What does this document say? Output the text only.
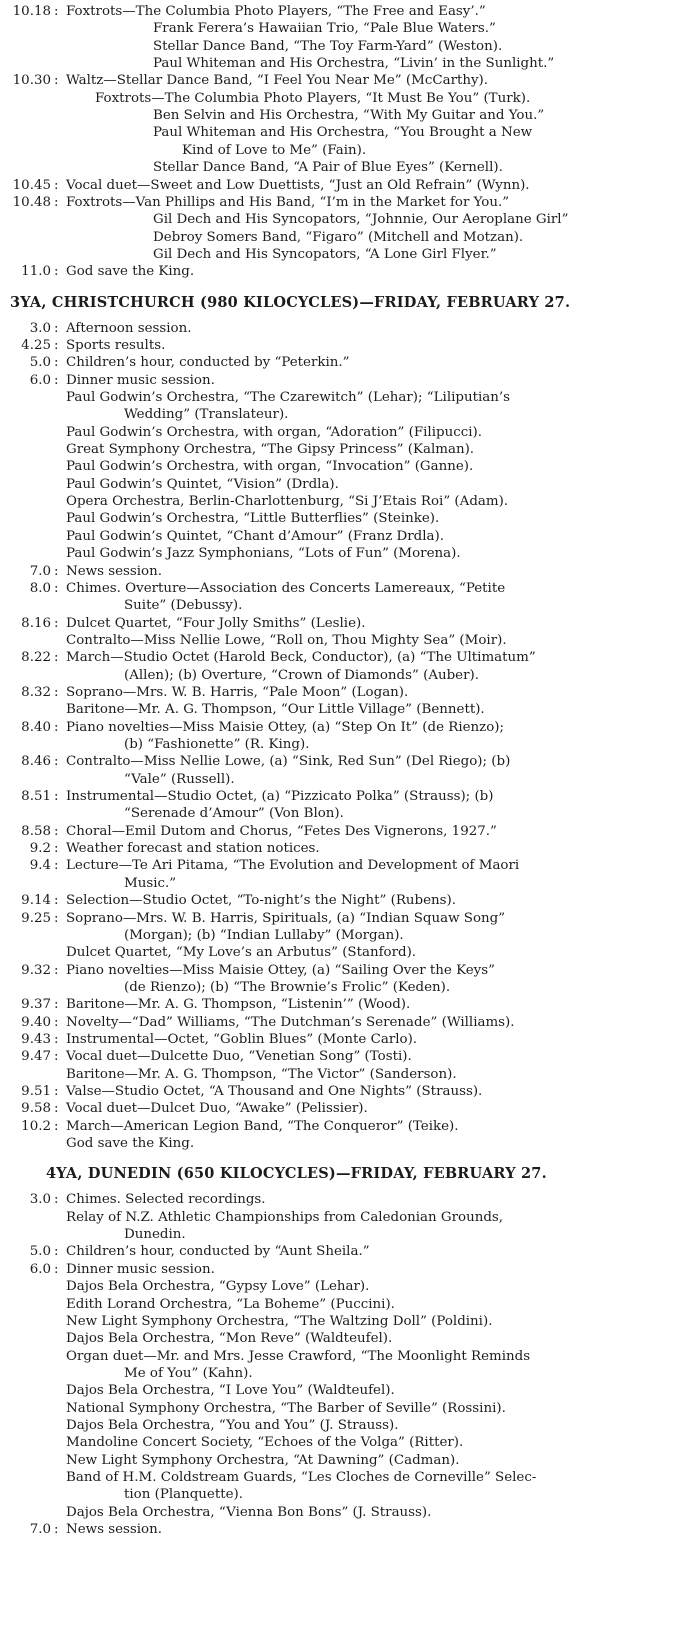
10.18 : Foxtrots—The Columbia Photo Players, “The Free and Easy’.”
Frank Ferera’s Hawaiian Trio, “Pale Blue Waters.”
Stellar Dance Band, “The Toy Farm-Yard” (Weston).
Paul Whiteman and His Orchestra, “Livin’ in the Sunlight.”
10.30 : Waltz—Stellar Dance Band, “I Feel You Near Me” (McCarthy).
Foxtrots—The Columbia Photo Players, “It Must Be You” (Turk).
Ben Selvin and His Orchestra, “With My Guitar and You.”
Paul Whiteman and His Orchestra, “You Brought a New
Kind of Love to Me” (Fain).
Stellar Dance Band, “A Pair of Blue Eyes” (Kernell).
10.45 : Vocal duet—Sweet and Low Duettists, “Just an Old Refrain” (Wynn).
10.48 : Foxtrots—Van Phillips and His Band, “I’m in the Market for You.”
Gil Dech and His Syncopators, “Johnnie, Our Aeroplane Girl”
Debroy Somers Band, “Figaro” (Mitchell and Motzan).
Gil Dech and His Syncopators, “A Lone Girl Flyer.”
11.0 : God save the King.
3YA, CHRISTCHURCH (980 KILOCYCLES)—FRIDAY, FEBRUARY 27.
3.0 : Afternoon session.
4.25 : Sports results.
5.0 : Children’s hour, conducted by “Peterkin.”
6.0 : Dinner music session.
Paul Godwin’s Orchestra, “The Czarewitch” (Lehar); “Liliputian’s
Wedding” (Translateur).
Paul Godwin’s Orchestra, with organ, “Adoration” (Filipucci).
Great Symphony Orchestra, “The Gipsy Princess” (Kalman).
Paul Godwin’s Orchestra, with organ, “Invocation” (Ganne).
Paul Godwin’s Quintet, “Vision” (Drdla).
Opera Orchestra, Berlin-Charlottenburg, “Si J’Etais Roi” (Adam).
Paul Godwin’s Orchestra, “Little Butterflies” (Steinke).
Paul Godwin’s Quintet, “Chant d’Amour” (Franz Drdla).
Paul Godwin’s Jazz Symphonians, “Lots of Fun” (Morena).
7.0 : News session.
8.0 : Chimes. Overture—Association des Concerts Lamereaux, “Petite
Suite” (Debussy).
8.16 : Dulcet Quartet, “Four Jolly Smiths” (Leslie).
Contralto—Miss Nellie Lowe, “Roll on, Thou Mighty Sea” (Moir).
8.22 : March—Studio Octet (Harold Beck, Conductor), (a) “The Ultimatum”
(Allen); (b) Overture, “Crown of Diamonds” (Auber).
8.32 : Soprano—Mrs. W. B. Harris, “Pale Moon” (Logan).
Baritone—Mr. A. G. Thompson, “Our Little Village” (Bennett).
8.40 : Piano novelties—Miss Maisie Ottey, (a) “Step On It” (de Rienzo);
(b) “Fashionette” (R. King).
8.46 : Contralto—Miss Nellie Lowe, (a) “Sink, Red Sun” (Del Riego); (b)
“Vale” (Russell).
8.51 : Instrumental—Studio Octet, (a) “Pizzicato Polka” (Strauss); (b)
“Serenade d’Amour” (Von Blon).
8.58 : Choral—Emil Dutom and Chorus, “Fetes Des Vignerons, 1927.”
9.2 : Weather forecast and station notices.
9.4 : Lecture—Te Ari Pitama, “The Evolution and Development of Maori
Music.”
9.14 : Selection—Studio Octet, “To-night’s the Night” (Rubens).
9.25 : Soprano—Mrs. W. B. Harris, Spirituals, (a) “Indian Squaw Song”
(Morgan); (b) “Indian Lullaby” (Morgan).
Dulcet Quartet, “My Love’s an Arbutus” (Stanford).
9.32 : Piano novelties—Miss Maisie Ottey, (a) “Sailing Over the Keys”
(de Rienzo); (b) “The Brownie’s Frolic” (Keden).
9.37 : Baritone—Mr. A. G. Thompson, “Listenin’” (Wood).
9.40 : Novelty—“Dad” Williams, “The Dutchman’s Serenade” (Williams).
9.43 : Instrumental—Octet, “Goblin Blues” (Monte Carlo).
9.47 : Vocal duet—Dulcette Duo, “Venetian Song” (Tosti).
Baritone—Mr. A. G. Thompson, “The Victor” (Sanderson).
9.51 : Valse—Studio Octet, “A Thousand and One Nights” (Strauss).
9.58 : Vocal duet—Dulcet Duo, “Awake” (Pelissier).
10.2 : March—American Legion Band, “The Conqueror” (Teike).
God save the King.
4YA, DUNEDIN (650 KILOCYCLES)—FRIDAY, FEBRUARY 27.
3.0 : Chimes. Selected recordings.
Relay of N.Z. Athletic Championships from Caledonian Grounds,
Dunedin.
5.0 : Children’s hour, conducted by “Aunt Sheila.”
6.0 : Dinner music session.
Dajos Bela Orchestra, “Gypsy Love” (Lehar).
Edith Lorand Orchestra, “La Boheme” (Puccini).
New Light Symphony Orchestra, “The Waltzing Doll” (Poldini).
Dajos Bela Orchestra, “Mon Reve” (Waldteufel).
Organ duet—Mr. and Mrs. Jesse Crawford, “The Moonlight Reminds
Me of You” (Kahn).
Dajos Bela Orchestra, “I Love You” (Waldteufel).
National Symphony Orchestra, “The Barber of Seville” (Rossini).
Dajos Bela Orchestra, “You and You” (J. Strauss).
Mandoline Concert Society, “Echoes of the Volga” (Ritter).
New Light Symphony Orchestra, “At Dawning” (Cadman).
Band of H.M. Coldstream Guards, “Les Cloches de Corneville” Selec-
tion (Planquette).
Dajos Bela Orchestra, “Vienna Bon Bons” (J. Strauss).
7.0 : News session.
